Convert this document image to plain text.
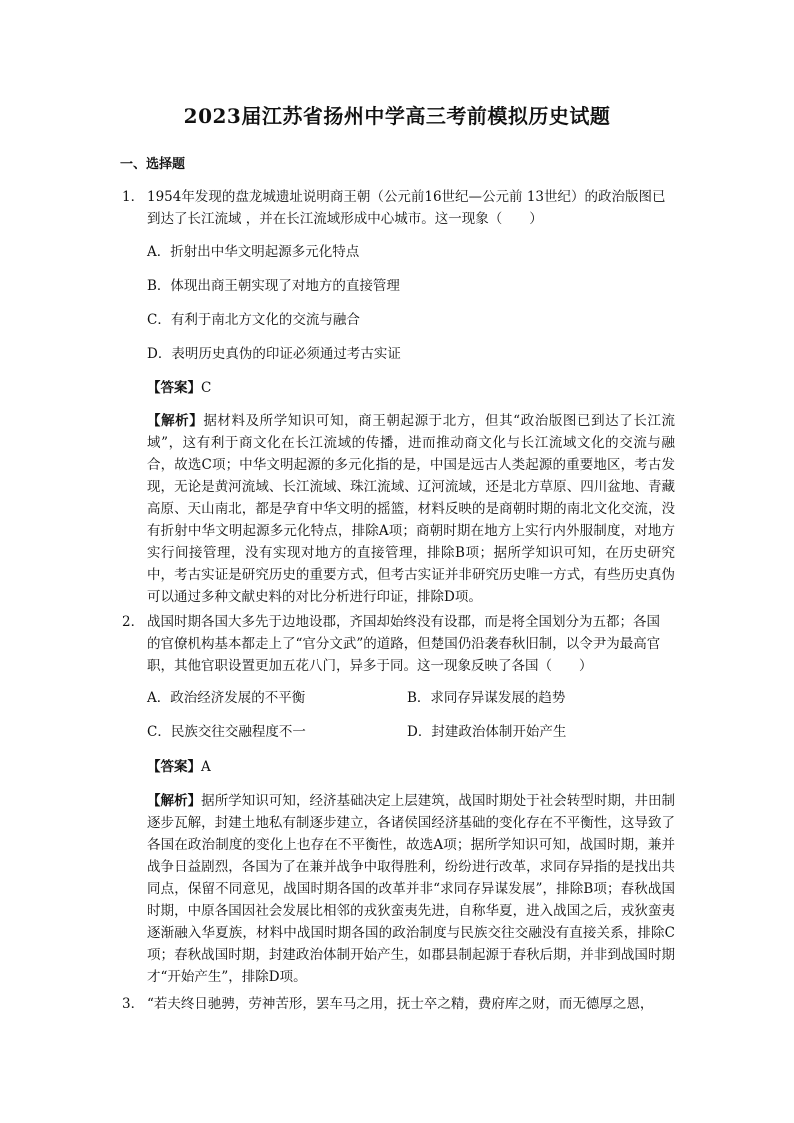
2023届江苏省扬州中学高三考前模拟历史试题
一、选择题
1． 1954年发现的盘龙城遗址说明商王朝（公元前16世纪—公元前 13世纪）的政治版图已到达了长江流域 ，并在长江流域形成中心城市。这一现象（　　）
A．折射出中华文明起源多元化特点
B．体现出商王朝实现了对地方的直接管理
C．有利于南北方文化的交流与融合
D．表明历史真伪的印证必须通过考古实证
【答案】C
【解析】据材料及所学知识可知，商王朝起源于北方，但其“政治版图已到达了长江流域”，这有利于商文化在长江流域的传播，进而推动商文化与长江流域文化的交流与融合，故选C项；中华文明起源的多元化指的是，中国是远古人类起源的重要地区，考古发现，无论是黄河流域、长江流域、珠江流域、辽河流域，还是北方草原、四川盆地、青藏高原、天山南北，都是孕育中华文明的摇篮，材料反映的是商朝时期的南北文化交流，没有折射中华文明起源多元化特点，排除A项；商朝时期在地方上实行内外服制度，对地方实行间接管理，没有实现对地方的直接管理，排除B项；据所学知识可知，在历史研究中，考古实证是研究历史的重要方式，但考古实证并非研究历史唯一方式，有些历史真伪可以通过多种文献史料的对比分析进行印证，排除D项。
2． 战国时期各国大多先于边地设郡，齐国却始终没有设郡，而是将全国划分为五都；各国的官僚机构基本都走上了“官分文武”的道路，但楚国仍沿袭春秋旧制，以令尹为最高官职，其他官职设置更加五花八门，异多于同。这一现象反映了各国（　　）
A．政治经济发展的不平衡	B．求同存异谋发展的趋势
C．民族交往交融程度不一	D．封建政治体制开始产生
【答案】A
【解析】据所学知识可知，经济基础决定上层建筑，战国时期处于社会转型时期，井田制逐步瓦解，封建土地私有制逐步建立，各诸侯国经济基础的变化存在不平衡性，这导致了各国在政治制度的变化上也存在不平衡性，故选A项；据所学知识可知，战国时期，兼并战争日益剧烈，各国为了在兼并战争中取得胜利，纷纷进行改革，求同存异指的是找出共同点，保留不同意见，战国时期各国的改革并非“求同存异谋发展”，排除B项；春秋战国时期，中原各国因社会发展比相邻的戎狄蛮夷先进，自称华夏，进入战国之后，戎狄蛮夷逐渐融入华夏族，材料中战国时期各国的政治制度与民族交往交融没有直接关系，排除C项；春秋战国时期，封建政治体制开始产生，如郡县制起源于春秋后期，并非到战国时期才“开始产生”，排除D项。
3． “若夫终日驰骋，劳神苦形，罢车马之用，抚士卒之精，费府库之财，而无德厚之恩，
